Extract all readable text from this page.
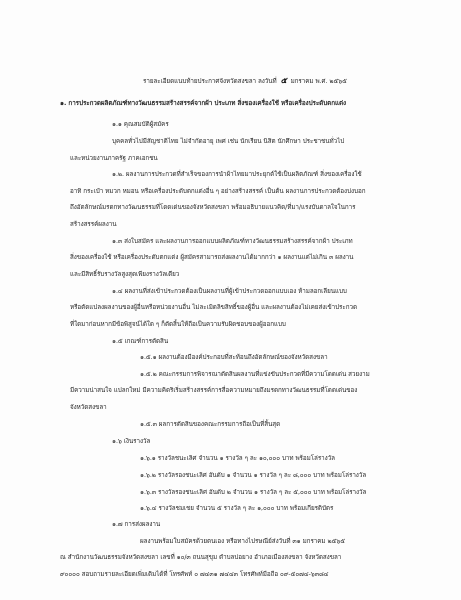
รายละเอียดแนบท้ายประกาศจังหวัดสงขลา ลงวันที่ ๕ มกราคม พ.ศ. ๒๕๖๕
๑. การประกวดผลิตภัณฑ์ทางวัฒนธรรมสร้างสรรค์จากผ้า ประเภท สิ่งของเครื่องใช้ หรือเครื่องประดับตกแต่ง
๑.๑ คุณสมบัติผู้สมัคร
บุคคลทั่วไปมีสัญชาติไทย ไม่จำกัดอายุ เพศ เช่น นักเรียน นิสิต นักศึกษา ประชาชนทั่วไป
และหน่วยงานภาครัฐ ภาคเอกชน
๑.๒. ผลงานการประกวดที่สำเร็จของการนำผ้าไทยมาประยุกต์ใช้เป็นผลิตภัณฑ์ สิ่งของเครื่องใช้
อาทิ กระเป๋า หมวก หมอน หรือเครื่องประดับตกแต่งอื่น ๆ อย่างสร้างสรรค์ เป็นต้น ผลงานการประกวดต้องบ่งบอก
ถึงอัตลักษณ์มรดกทางวัฒนธรรมที่โดดเด่นของจังหวัดสงขลา พร้อมอธิบายแนวคิด/ที่มา/แรงบันดาลใจในการ
สร้างสรรค์ผลงาน
๑.๓ ส่งใบสมัคร และผลงานการออกแบบผลิตภัณฑ์ทางวัฒนธรรมสร้างสรรค์จากผ้า ประเภท
สิ่งของเครื่องใช้ หรือเครื่องประดับตกแต่ง ผู้สมัครสามารถส่งผลงานได้มากกว่า ๑ ผลงานแต่ไม่เกิน ๓ ผลงาน
และมีสิทธิ์รับรางวัลสูงสุดเพียงรางวัลเดียว
๑.๔ ผลงานที่ส่งเข้าประกวดต้องเป็นผลงานที่ผู้เข้าประกวดออกแบบเอง ห้ามลอกเลียนแบบ
หรือตัดแปลงผลงานของผู้อื่นหรือหน่วยงานอื่น ไม่ละเมิดลิขสิทธิ์ของผู้อื่น และผลงานต้องไม่เคยส่งเข้าประกวด
ที่ใดมาก่อนหากมีข้อพิสูจน์ได้ใด ๆ ก็ตัดสิ้นให้ถือเป็นความรับผิดชอบของผู้ออกแบบ
๑.๕ เกณฑ์การตัดสิน
๑.๕.๑ ผลงานต้องมีองค์ประกอบที่สะท้อนถึงอัตลักษณ์ของจังหวัดสงขลา
๑.๕.๒ คณะกรรมการพิจารณาตัดสินผลงานที่แข่งขันประกวดที่มีความโดดเด่น สวยงาม
มีความน่าสนใจ แปลกใหม่ มีความคิดริเริ่มสร้างสรรค์การสื่อความหมายถึงมรดกทางวัฒนธรรมที่โดดเด่นของ
จังหวัดสงขลา
๑.๕.๓ ผลการตัดสินของคณะกรรมการถือเป็นที่สิ้นสุด
๑.๖ เงินรางวัล
๑.๖.๑ รางวัลชนะเลิศ จำนวน ๑ รางวัล ๆ ละ ๑๐,๐๐๐ บาท พร้อมโล่รางวัล
๑.๖.๒ รางวัลรองชนะเลิศ อันดับ ๑ จำนวน ๑ รางวัล ๆ ละ ๘,๐๐๐ บาท พร้อมโล่รางวัล
๑.๖.๓ รางวัลรองชนะเลิศ อันดับ ๒ จำนวน ๑ รางวัล ๆ ละ ๕,๐๐๐ บาท พร้อมโล่รางวัล
๑.๖.๔ รางวัลชมเชย จำนวน ๕ รางวัล ๆ ละ ๑,๐๐๐ บาท พร้อมเกียรติบัตร
๑.๗ การส่งผลงาน
ผลงานพร้อมใบสมัครด้วยตนเอง หรือทางไปรษณีย์ส่งวันที่ ๓๑ มกราคม ๒๕๖๕
ณ สำนักงานวัฒนธรรมจังหวัดสงขลา เลขที่ ๑๐/๓ ถนนสุขุม ตำบลบ่อยาง อำเภอเมืองสงขลา จังหวัดสงขลา
๙๐๐๐๐ สอบถามรายละเอียดเพิ่มเติมได้ที่ โทรศัพท์ ๐ ๗๔๓๑ ๗๔๔๓ โทรศัพท์มือถือ ๐๙-๕๐๗๔-๖๓๘๔
